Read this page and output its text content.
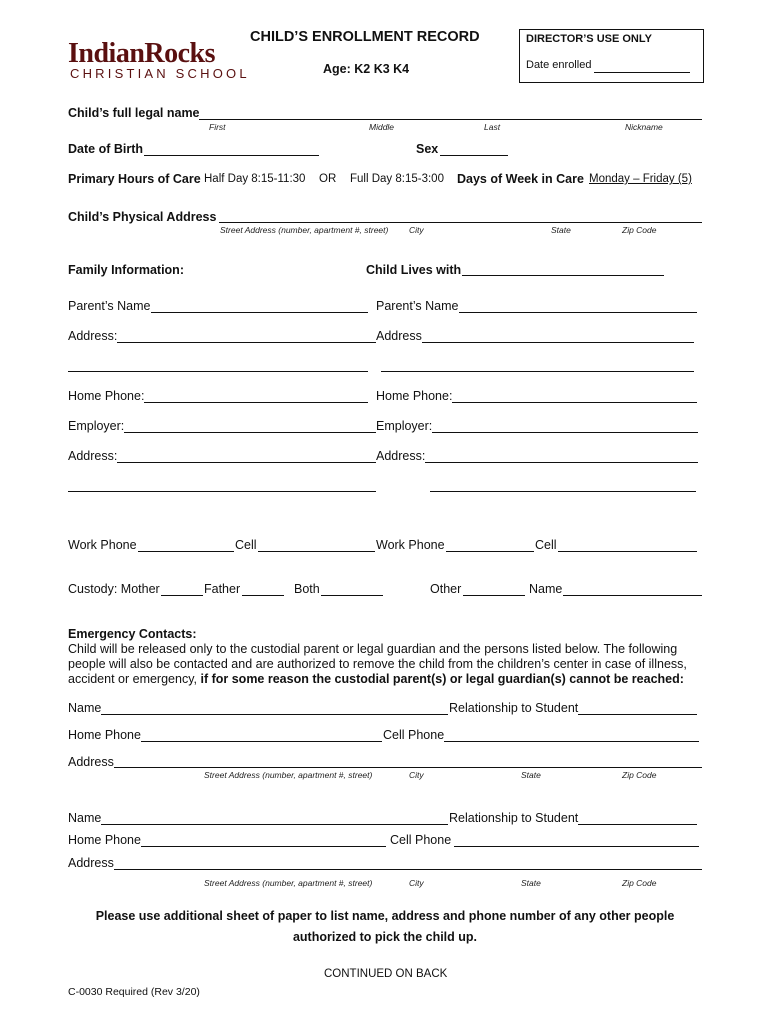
IndianRocks
CHRISTIAN SCHOOL
CHILD’S ENROLLMENT RECORD
Age: K2 K3 K4
DIRECTOR’S USE ONLY
Date enrolled
Child’s full legal name
First	Middle	Last	Nickname
Date of Birth	Sex
Primary Hours of Care Half Day 8:15-11:30 OR Full Day 8:15-3:00 Days of Week in Care Monday – Friday (5)
Child’s Physical Address
Street Address (number, apartment #, street) City	State	Zip Code
Family Information:	Child Lives with
Parent’s Name	Parent’s Name
Address:	Address
Home Phone:	Home Phone:
Employer:	Employer:
Address:	Address:
Work Phone	Cell	Work Phone	Cell
Custody: Mother	Father	Both	Other	Name
Emergency Contacts:
Child will be released only to the custodial parent or legal guardian and the persons listed below. The following
people will also be contacted and are authorized to remove the child from the children’s center in case of illness,
accident or emergency, if for some reason the custodial parent(s) or legal guardian(s) cannot be reached:
Name	Relationship to Student
Home Phone	Cell Phone
Address
Street Address (number, apartment #, street)	City	State	Zip Code
Name	Relationship to Student
Home Phone	Cell Phone
Address
Street Address (number, apartment #, street)	City	State	Zip Code
Please use additional sheet of paper to list name, address and phone number of any other people
authorized to pick the child up.
CONTINUED ON BACK
C-0030 Required (Rev 3/20)
